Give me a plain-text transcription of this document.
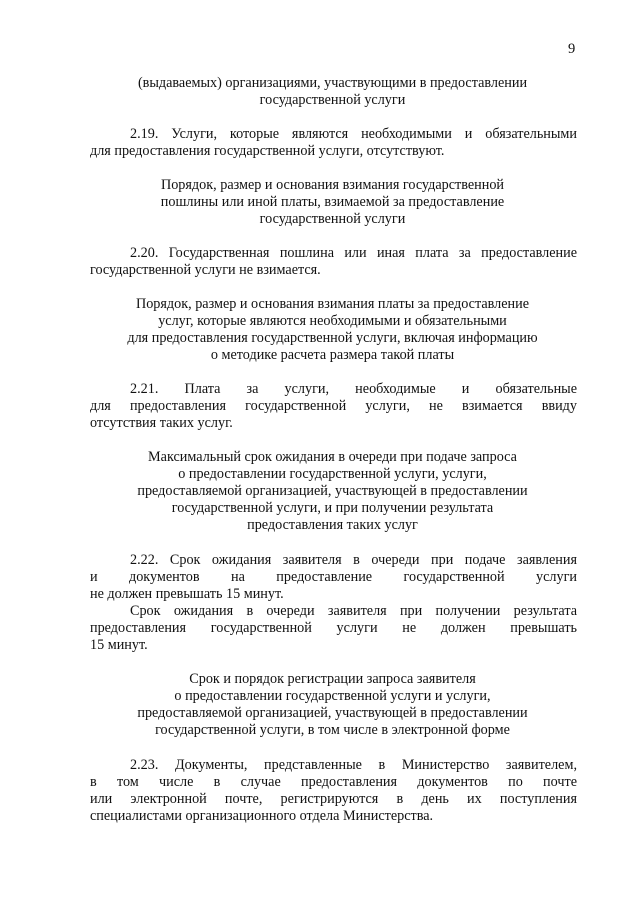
9
(выдаваемых) организациями, участвующими в предоставлении
государственной услуги
2.19. Услуги, которые являются необходимыми и обязательными
для предоставления государственной услуги, отсутствуют.
Порядок, размер и основания взимания государственной
пошлины или иной платы, взимаемой за предоставление
государственной услуги
2.20. Государственная пошлина или иная плата за предоставление
государственной услуги не взимается.
Порядок, размер и основания взимания платы за предоставление
услуг, которые являются необходимыми и обязательными
для предоставления государственной услуги, включая информацию
о методике расчета размера такой платы
2.21. Плата за услуги, необходимые и обязательные
для предоставления государственной услуги, не взимается ввиду
отсутствия таких услуг.
Максимальный срок ожидания в очереди при подаче запроса
о предоставлении государственной услуги, услуги,
предоставляемой организацией, участвующей в предоставлении
государственной услуги, и при получении результата
предоставления таких услуг
2.22. Срок ожидания заявителя в очереди при подаче заявления
и документов на предоставление государственной услуги
не должен превышать 15 минут.
Срок ожидания в очереди заявителя при получении результата
предоставления государственной услуги не должен превышать
15 минут.
Срок и порядок регистрации запроса заявителя
о предоставлении государственной услуги и услуги,
предоставляемой организацией, участвующей в предоставлении
государственной услуги, в том числе в электронной форме
2.23. Документы, представленные в Министерство заявителем,
в том числе в случае предоставления документов по почте
или электронной почте, регистрируются в день их поступления
специалистами организационного отдела Министерства.
